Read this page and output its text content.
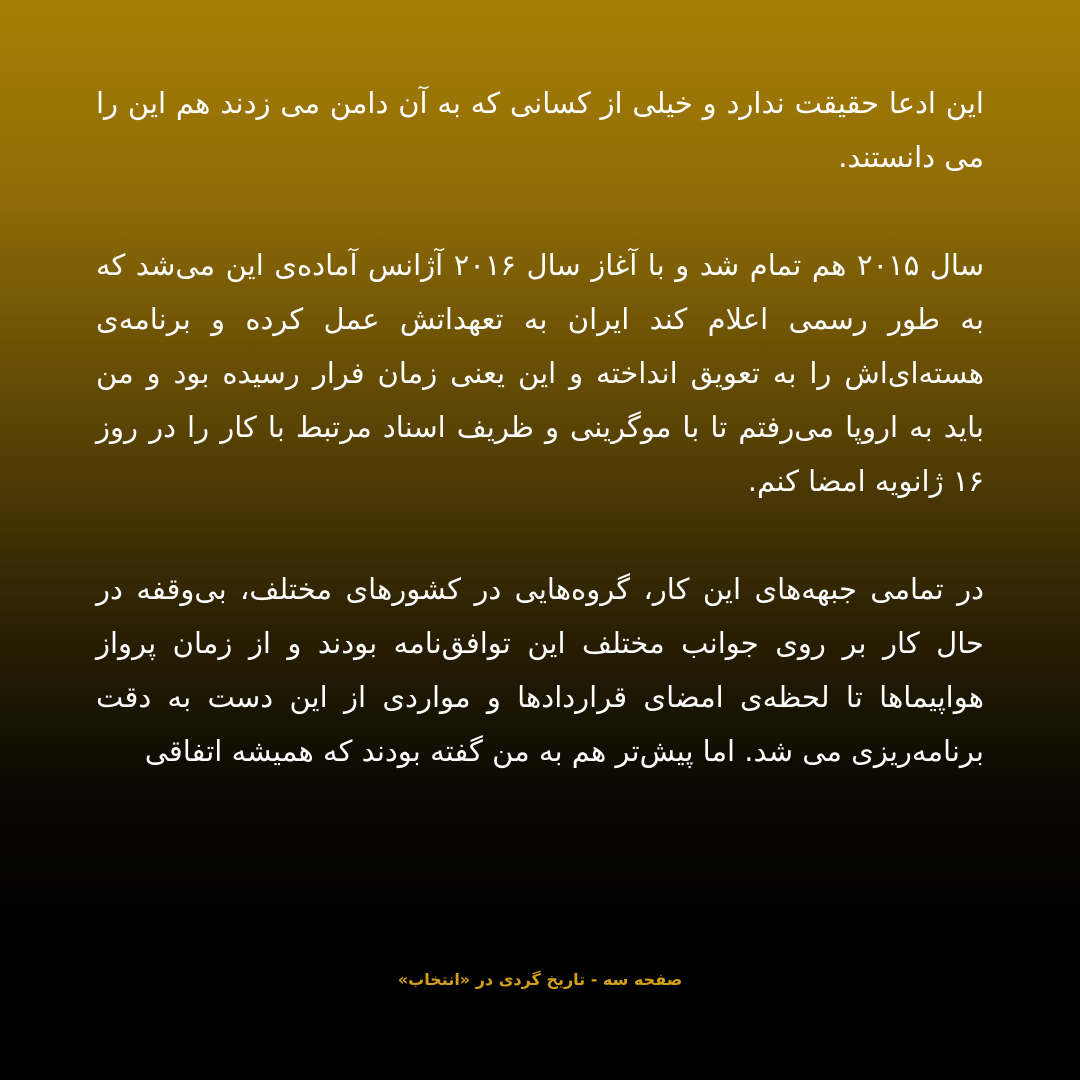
این ادعا حقیقت ندارد و خیلی از کسانی که به آن دامن می زدند هم این را می دانستند.

سال ۲۰۱۵ هم تمام شد و با آغاز سال ۲۰۱۶ آژانس آماده‌ی این می‌شد که به طور رسمی اعلام کند ایران به تعهداتش عمل کرده و برنامه‌ی هسته‌ای‌اش را به تعویق انداخته و این یعنی زمان فرار رسیده بود و من باید به اروپا می‌رفتم تا با موگرینی و ظریف اسناد مرتبط با کار را در روز ۱۶ ژانویه امضا کنم.

در تمامی جبهه‌های این کار، گروه‌هایی در کشورهای مختلف، بی‌وقفه در حال کار بر روی جوانب مختلف این توافق‌نامه بودند و از زمان پرواز هواپیماها تا لحظه‌ی امضای قراردادها و مواردی از این دست به دقت برنامه‌ریزی می شد. اما پیش‌تر هم به من گفته بودند که همیشه اتفاقی

صفحه سه - تاریخ گردی در «انتخاب»
